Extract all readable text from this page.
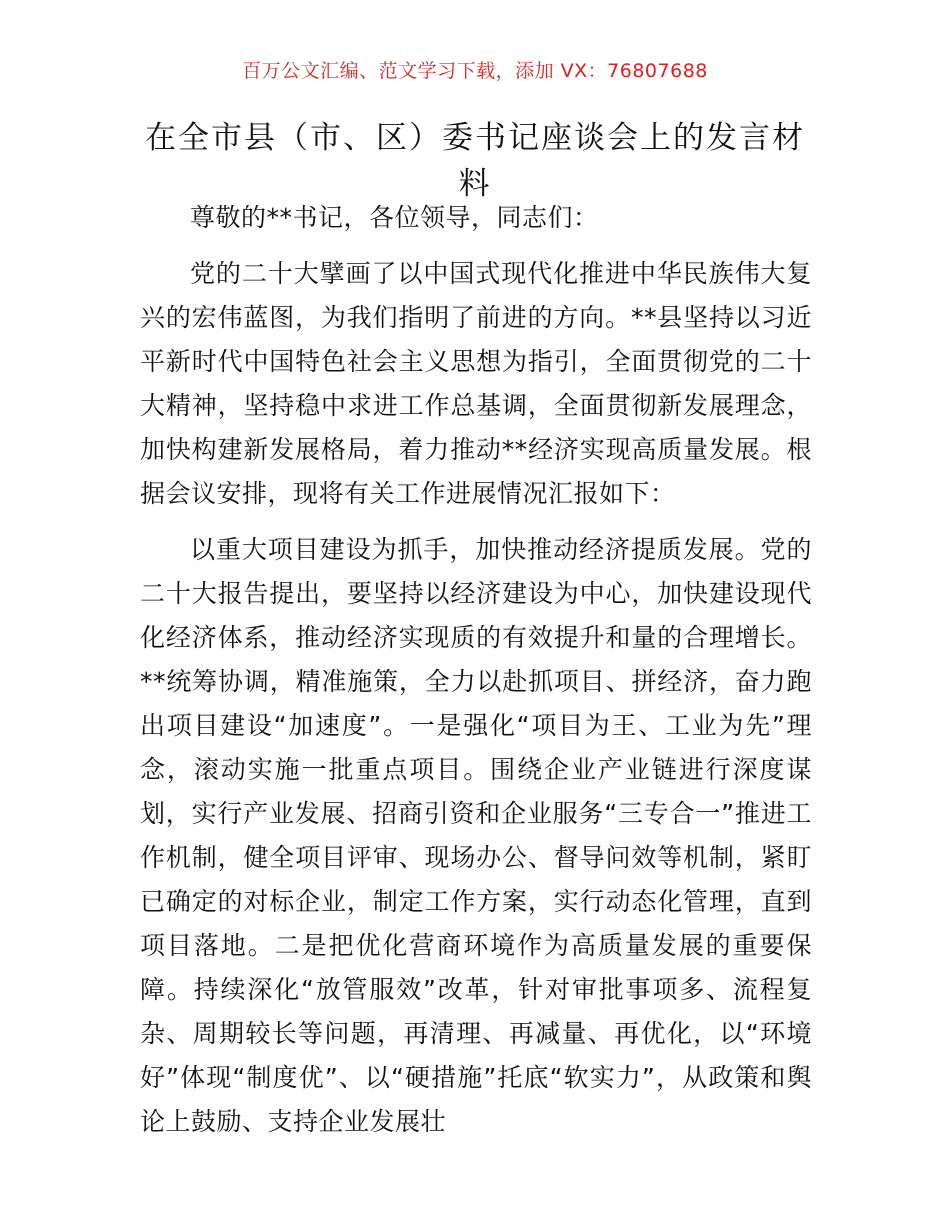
百万公文汇编、范文学习下载，添加 VX：76807688
在全市县（市、区）委书记座谈会上的发言材料

尊敬的**书记，各位领导，同志们：

党的二十大擘画了以中国式现代化推进中华民族伟大复兴的宏伟蓝图，为我们指明了前进的方向。**县坚持以习近平新时代中国特色社会主义思想为指引，全面贯彻党的二十大精神，坚持稳中求进工作总基调，全面贯彻新发展理念，加快构建新发展格局，着力推动**经济实现高质量发展。根据会议安排，现将有关工作进展情况汇报如下：

以重大项目建设为抓手，加快推动经济提质发展。党的二十大报告提出，要坚持以经济建设为中心，加快建设现代化经济体系，推动经济实现质的有效提升和量的合理增长。**统筹协调，精准施策，全力以赴抓项目、拼经济，奋力跑出项目建设“加速度”。一是强化“项目为王、工业为先”理念，滚动实施一批重点项目。围绕企业产业链进行深度谋划，实行产业发展、招商引资和企业服务“三专合一”推进工作机制，健全项目评审、现场办公、督导问效等机制，紧盯已确定的对标企业，制定工作方案，实行动态化管理，直到项目落地。二是把优化营商环境作为高质量发展的重要保障。持续深化“放管服效”改革，针对审批事项多、流程复杂、周期较长等问题，再清理、再减量、再优化，以“环境好”体现“制度优”、以“硬措施”托底“软实力”，从政策和舆论上鼓励、支持企业发展壮
